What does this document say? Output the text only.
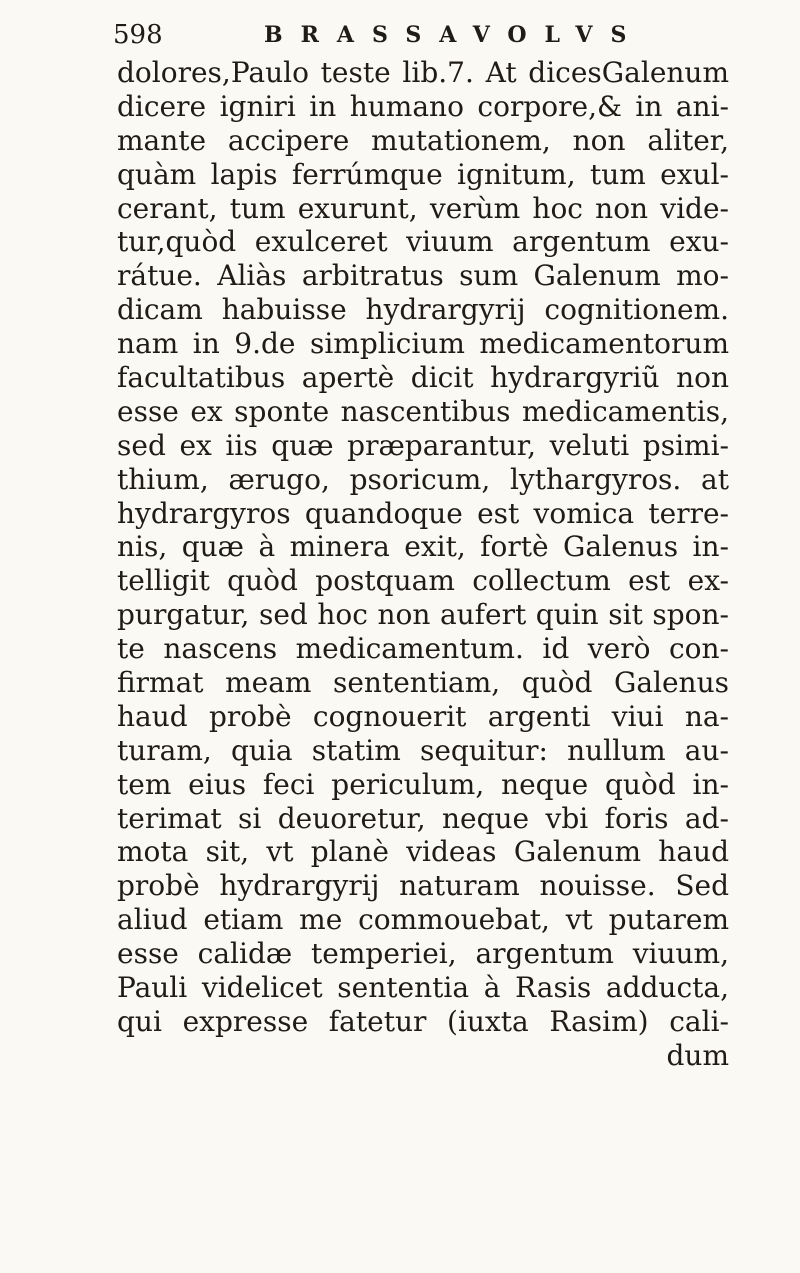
598	BRASSAVOLVS
dolores,Paulo teste lib.7. At dicesGalenum
dicere igniri in humano corpore,& in ani-
mante accipere mutationem, non aliter,
quàm lapis ferrúmque ignitum, tum exul-
cerant, tum exurunt, verùm hoc non vide-
tur,quòd exulceret viuum argentum exu-
rátue. Aliàs arbitratus sum Galenum mo-
dicam habuisse hydrargyrij cognitionem.
nam in 9.de simplicium medicamentorum
facultatibus apertè dicit hydrargyriũ non
esse ex sponte nascentibus medicamentis,
sed ex iis quæ præparantur, veluti psimi-
thium, ærugo, psoricum, lythargyros. at
hydrargyros quandoque est vomica terre-
nis, quæ à minera exit, fortè Galenus in-
telligit quòd postquam collectum est ex-
purgatur, sed hoc non aufert quin sit spon-
te nascens medicamentum. id verò con-
firmat meam sententiam, quòd Galenus
haud probè cognouerit argenti viui na-
turam, quia statim sequitur: nullum au-
tem eius feci periculum, neque quòd in-
terimat si deuoretur, neque vbi foris ad-
mota sit, vt planè videas Galenum haud
probè hydrargyrij naturam nouisse. Sed
aliud etiam me commouebat, vt putarem
esse calidæ temperiei, argentum viuum,
Pauli videlicet sententia à Rasis adducta,
qui expresse fatetur (iuxta Rasim) cali-
dum
